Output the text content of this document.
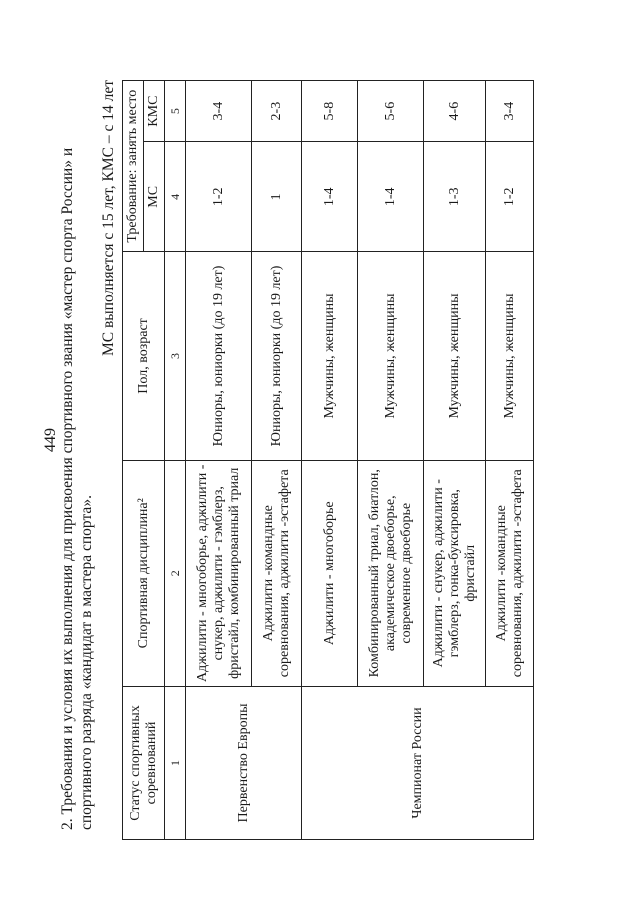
449 2. Требования и условия их выполнения для присвоения спортивного звания «мастер спорта России» и спортивного разряда «кандидат в мастера спорта».
МС выполняется с 15 лет, КМС – с 14 лет
Статус спортивных соревнований	Спортивная дисциплина²	Пол, возраст	Требование: занять место	
			МС	КМС
1	2	3	4	5
Первенство Европы	Аджилити - многоборье, аджилити - снукер, аджилити - гэмблерз, фристайл, комбинированный триал	Юниоры, юниорки (до 19 лет)	1-2	3-4
	Аджилити -командные соревнования, аджилити -эстафета	Юниоры, юниорки (до 19 лет)	1	2-3
Чемпионат России	Аджилити - многоборье	Мужчины, женщины	1-4	5-8
	Комбинированный триал, биатлон, академическое двоеборье, современное двоеборье	Мужчины, женщины	1-4	5-6
	Аджилити - снукер, аджилити - гэмблерз, гонка-буксировка, фристайл	Мужчины, женщины	1-3	4-6
	Аджилити -командные соревнования, аджилити -эстафета	Мужчины, женщины	1-2	3-4
